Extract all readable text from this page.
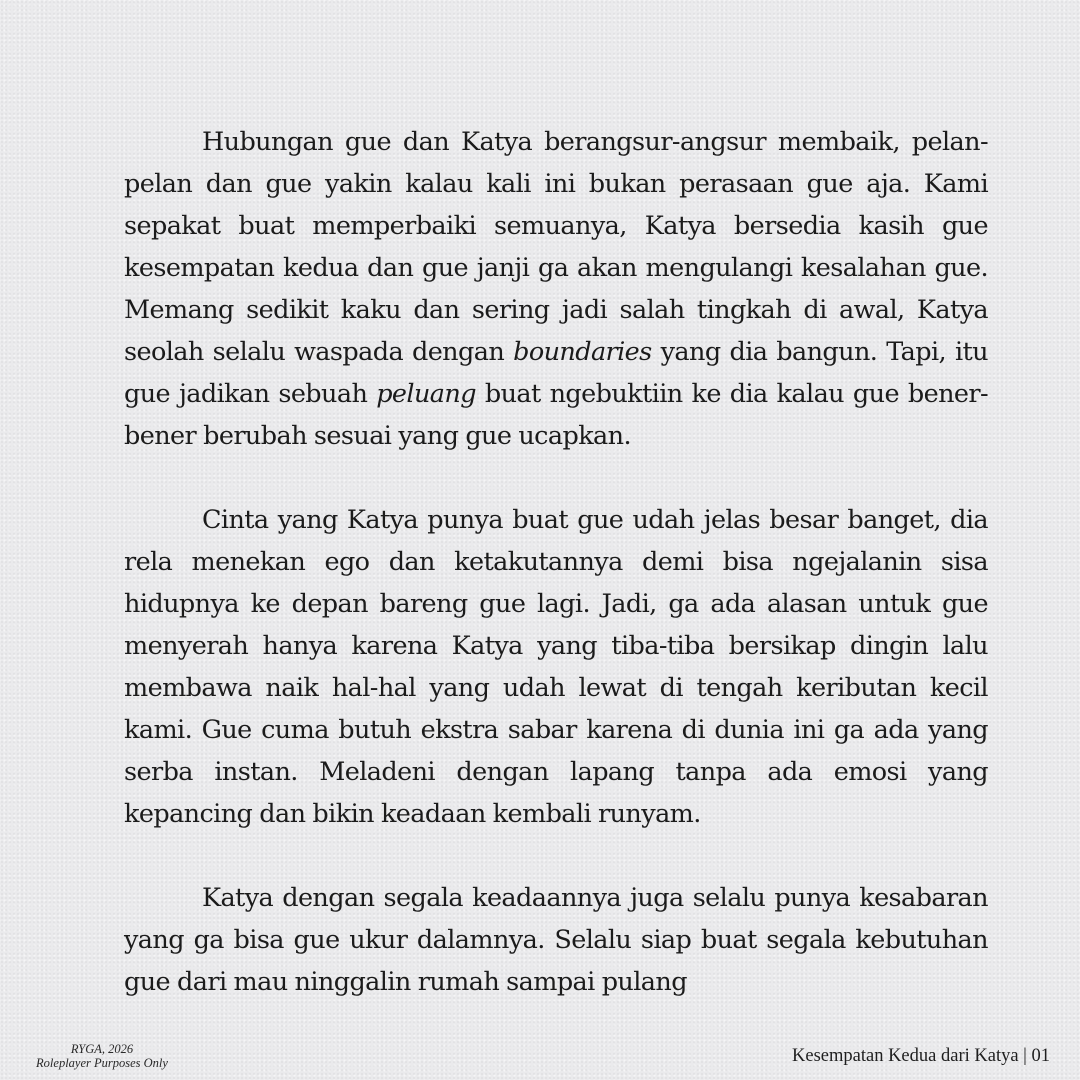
Hubungan gue dan Katya berangsur-angsur membaik, pelan-pelan dan gue yakin kalau kali ini bukan perasaan gue aja. Kami sepakat buat memperbaiki semuanya, Katya bersedia kasih gue kesempatan kedua dan gue janji ga akan mengulangi kesalahan gue. Memang sedikit kaku dan sering jadi salah tingkah di awal, Katya seolah selalu waspada dengan boundaries yang dia bangun. Tapi, itu gue jadikan sebuah peluang buat ngebuktiin ke dia kalau gue bener-bener berubah sesuai yang gue ucapkan.

Cinta yang Katya punya buat gue udah jelas besar banget, dia rela menekan ego dan ketakutannya demi bisa ngejalanin sisa hidupnya ke depan bareng gue lagi. Jadi, ga ada alasan untuk gue menyerah hanya karena Katya yang tiba-tiba bersikap dingin lalu membawa naik hal-hal yang udah lewat di tengah keributan kecil kami. Gue cuma butuh ekstra sabar karena di dunia ini ga ada yang serba instan. Meladeni dengan lapang tanpa ada emosi yang kepancing dan bikin keadaan kembali runyam.

Katya dengan segala keadaannya juga selalu punya kesabaran yang ga bisa gue ukur dalamnya. Selalu siap buat segala kebutuhan gue dari mau ninggalin rumah sampai pulang

RYGA, 2026
Roleplayer Purposes Only	Kesempatan Kedua dari Katya | 01
